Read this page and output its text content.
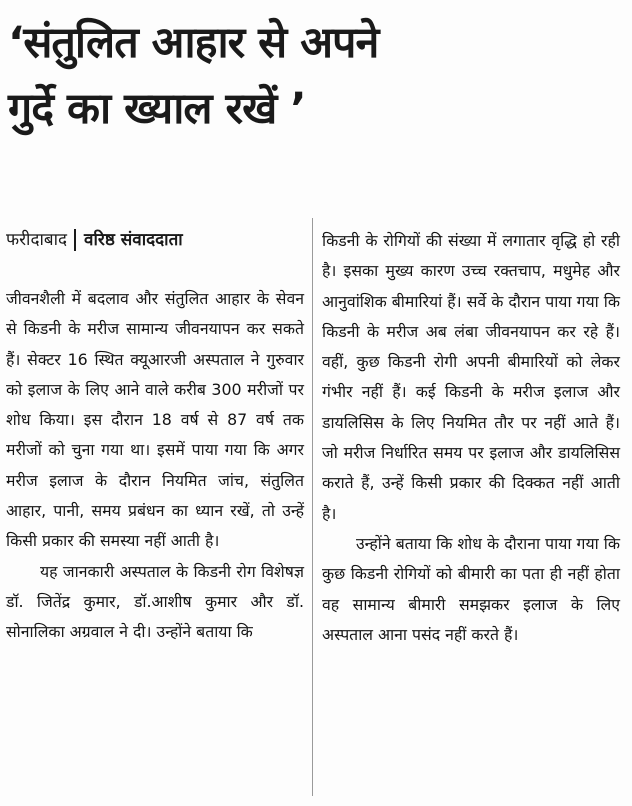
‘संतुलित आहार से अपने
गुर्दे का ख्याल रखें ’
फरीदाबाद वरिष्ठ संवाददाता

जीवनशैली में बदलाव और संतुलित आहार के सेवन से किडनी के मरीज सामान्य जीवनयापन कर सकते हैं। सेक्टर 16 स्थित क्यूआरजी अस्पताल ने गुरुवार को इलाज के लिए आने वाले करीब 300 मरीजों पर शोध किया। इस दौरान 18 वर्ष से 87 वर्ष तक मरीजों को चुना गया था। इसमें पाया गया कि अगर मरीज इलाज के दौरान नियमित जांच, संतुलित आहार, पानी, समय प्रबंधन का ध्यान रखें, तो उन्हें किसी प्रकार की समस्या नहीं आती है।

यह जानकारी अस्पताल के किडनी रोग विशेषज्ञ डॉ. जितेंद्र कुमार, डॉ.आशीष कुमार और डॉ. सोनालिका अग्रवाल ने दी। उन्होंने बताया कि

किडनी के रोगियों की संख्या में लगातार वृद्धि हो रही है। इसका मुख्य कारण उच्च रक्तचाप, मधुमेह और आनुवांशिक बीमारियां हैं। सर्वे के दौरान पाया गया कि किडनी के मरीज अब लंबा जीवनयापन कर रहे हैं। वहीं, कुछ किडनी रोगी अपनी बीमारियों को लेकर गंभीर नहीं हैं। कई किडनी के मरीज इलाज और डायलिसिस के लिए नियमित तौर पर नहीं आते हैं। जो मरीज निर्धारित समय पर इलाज और डायलिसिस कराते हैं, उन्हें किसी प्रकार की दिक्कत नहीं आती है।

उन्होंने बताया कि शोध के दौराना पाया गया कि कुछ किडनी रोगियों को बीमारी का पता ही नहीं होता वह सामान्य बीमारी समझकर इलाज के लिए अस्पताल आना पसंद नहीं करते हैं।
